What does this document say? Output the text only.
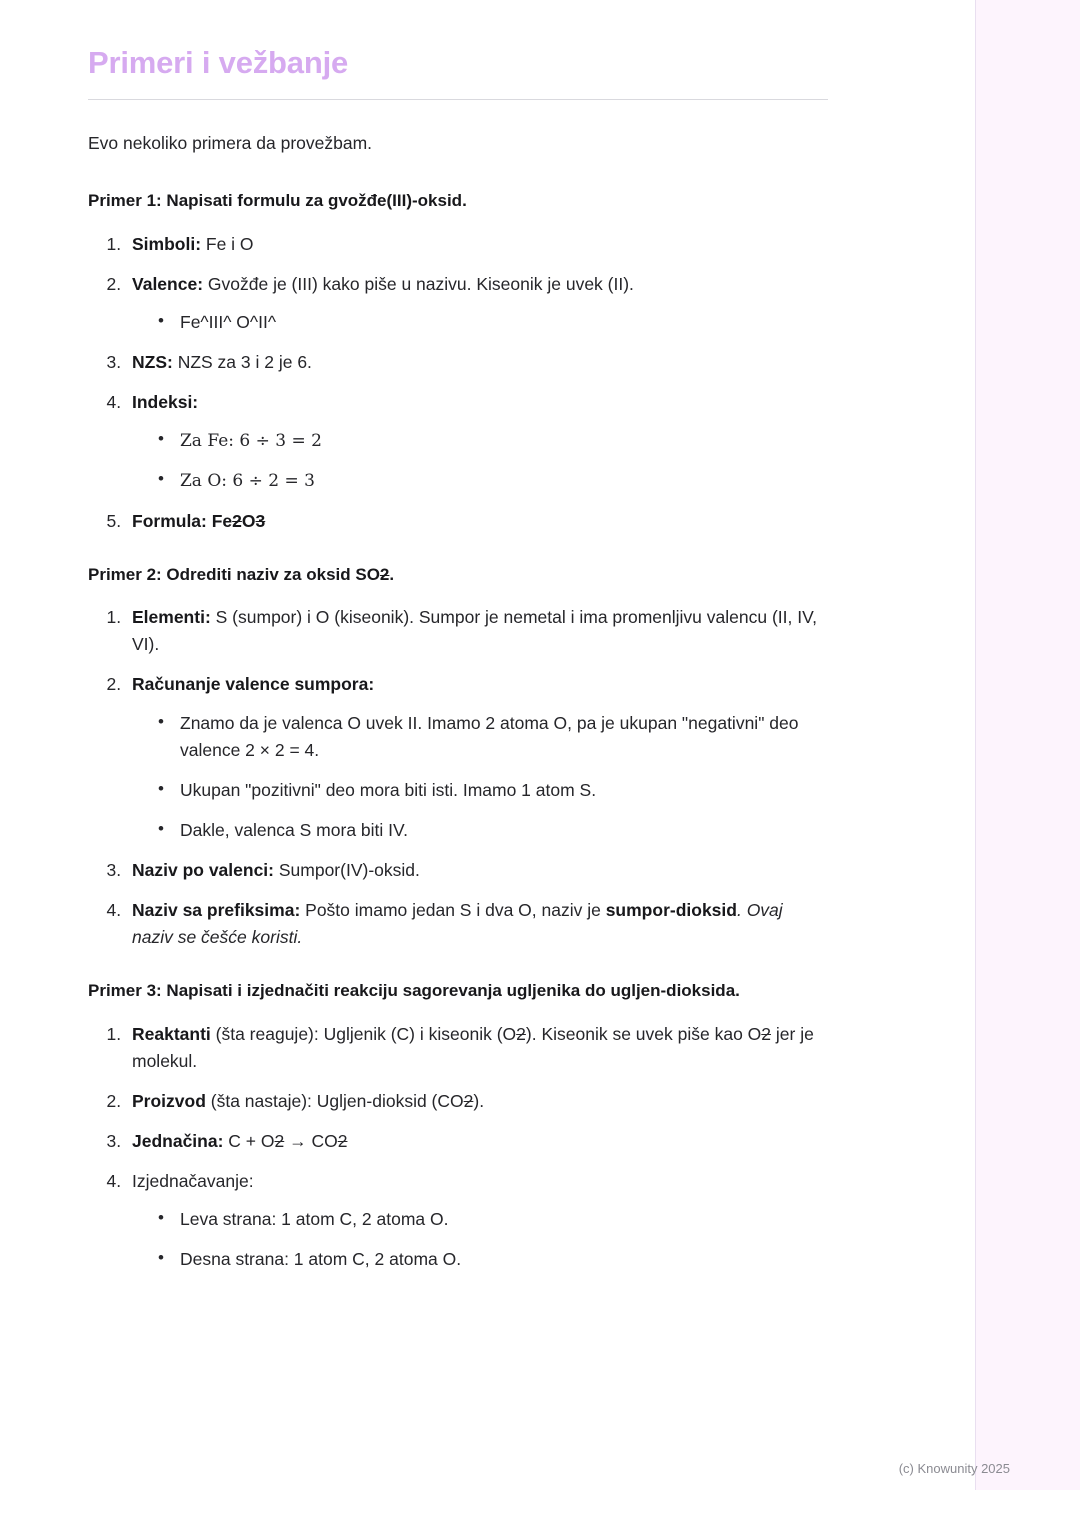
Primeri i vežbanje

Evo nekoliko primera da provežbam.

Primer 1: Napisati formulu za gvožđe(III)-oksid.

1. Simboli: Fe i O
2. Valence: Gvožđe je (III) kako piše u nazivu. Kiseonik je uvek (II).
• Fe^III^ O^II^
3. NZS: NZS za 3 i 2 je 6.
4. Indeksi:
• Za Fe: 6 ÷ 3 = 2
• Za O: 6 ÷ 2 = 3
5. Formula: Fe2O3

Primer 2: Odrediti naziv za oksid SO2.

1. Elementi: S (sumpor) i O (kiseonik). Sumpor je nemetal i ima promenljivu valencu (II, IV, VI).
2. Računanje valence sumpora:
• Znamo da je valenca O uvek II. Imamo 2 atoma O, pa je ukupan "negativni" deo valence 2 × 2 = 4.
• Ukupan "pozitivni" deo mora biti isti. Imamo 1 atom S.
• Dakle, valenca S mora biti IV.
3. Naziv po valenci: Sumpor(IV)-oksid.
4. Naziv sa prefiksima: Pošto imamo jedan S i dva O, naziv je sumpor-dioksid. Ovaj naziv se češće koristi.

Primer 3: Napisati i izjednačiti reakciju sagorevanja ugljenika do ugljen-dioksida.

1. Reaktanti (šta reaguje): Ugljenik (C) i kiseonik (O2). Kiseonik se uvek piše kao O2 jer je molekul.
2. Proizvod (šta nastaje): Ugljen-dioksid (CO2).
3. Jednačina: C + O2 → CO2
4. Izjednačavanje:
• Leva strana: 1 atom C, 2 atoma O.
• Desna strana: 1 atom C, 2 atoma O.
(c) Knowunity 2025
